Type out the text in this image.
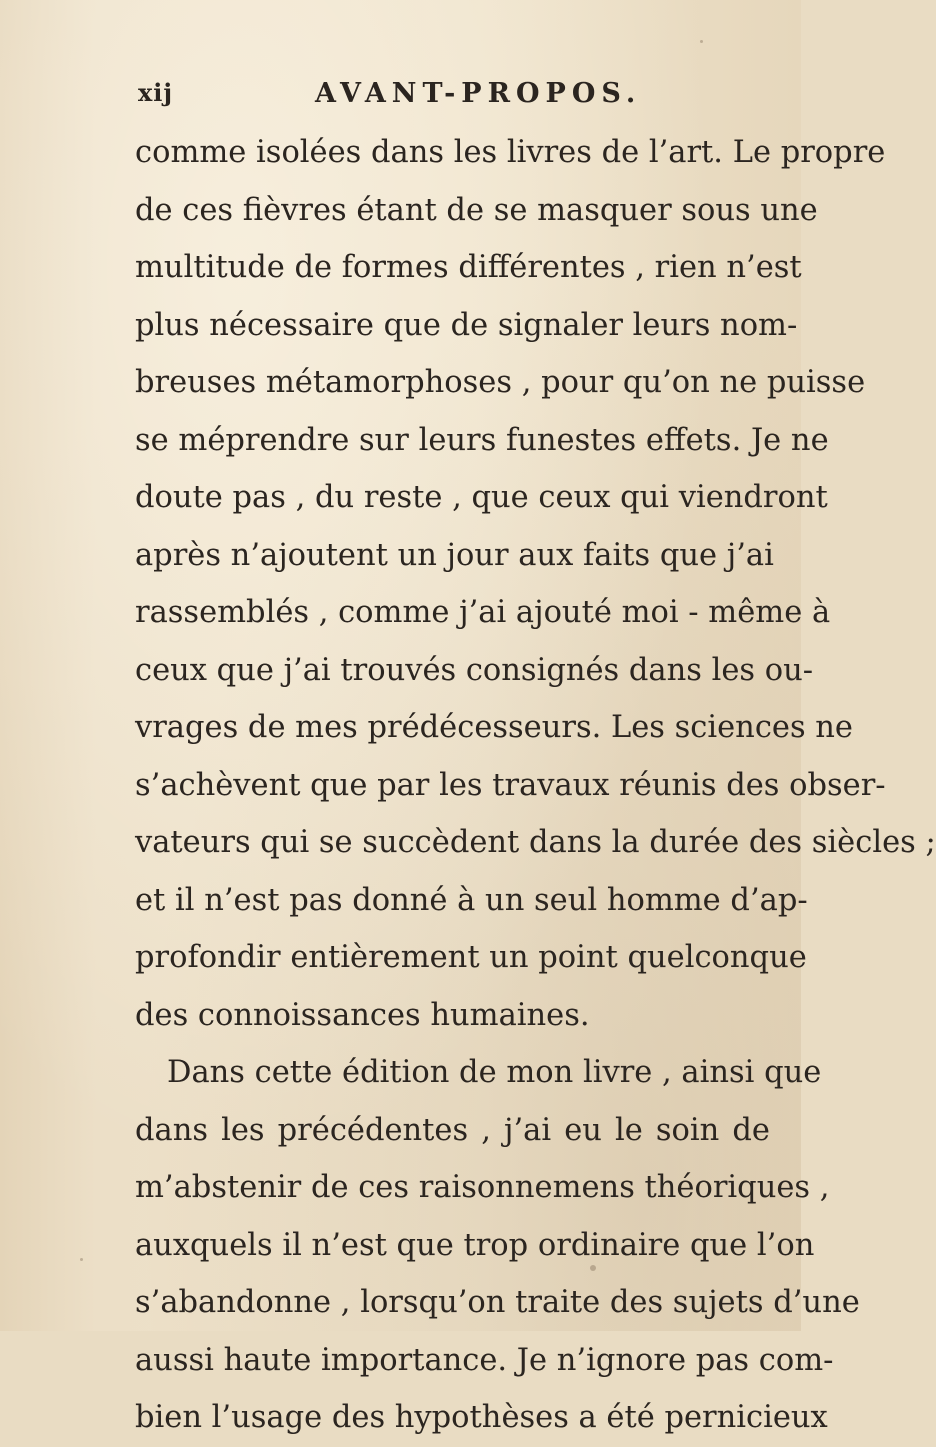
xij	AVANT-PROPOS.
comme isolées dans les livres de l’art. Le propre
de ces fièvres étant de se masquer sous une
multitude de formes différentes , rien n’est
plus nécessaire que de signaler leurs nom-
breuses métamorphoses , pour qu’on ne puisse
se méprendre sur leurs funestes effets. Je ne
doute pas , du reste , que ceux qui viendront
après n’ajoutent un jour aux faits que j’ai
rassemblés , comme j’ai ajouté moi - même à
ceux que j’ai trouvés consignés dans les ou-
vrages de mes prédécesseurs. Les sciences ne
s’achèvent que par les travaux réunis des obser-
vateurs qui se succèdent dans la durée des siècles ;
et il n’est pas donné à un seul homme d’ap-
profondir entièrement un point quelconque
des connoissances humaines.
Dans cette édition de mon livre , ainsi que
dans les précédentes , j’ai eu le soin de
m’abstenir de ces raisonnemens théoriques ,
auxquels il n’est que trop ordinaire que l’on
s’abandonne , lorsqu’on traite des sujets d’une
aussi haute importance. Je n’ignore pas com-
bien l’usage des hypothèses a été pernicieux
